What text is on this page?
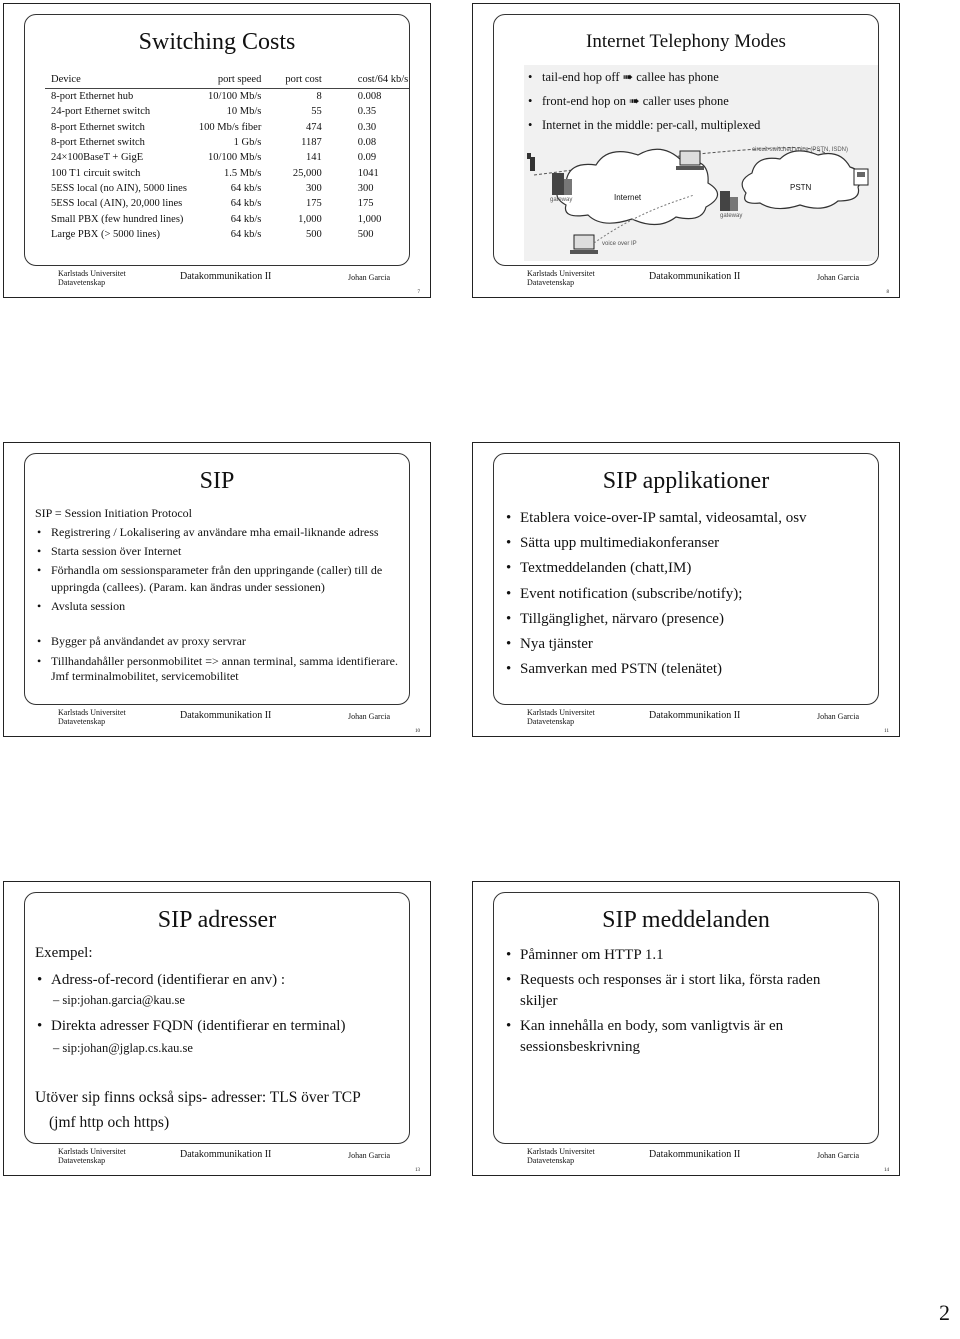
Switching Costs
Device	port speed	port cost	cost/64 kb/s
8-port Ethernet hub	10/100 Mb/s	8	0.008
24-port Ethernet switch	10 Mb/s	55	0.35
8-port Ethernet switch	100 Mb/s fiber	474	0.30
8-port Ethernet switch	1 Gb/s	1187	0.08
24×100BaseT + GigE	10/100 Mb/s	141	0.09
100 T1 circuit switch	1.5 Mb/s	25,000	1041
5ESS local (no AIN), 5000 lines	64 kb/s	300	300
5ESS local (AIN), 20,000 lines	64 kb/s	175	175
Small PBX (few hundred lines)	64 kb/s	1,000	1,000
Large PBX (> 5000 lines)	64 kb/s	500	500
Karlstads Universitet
Datavetenskap
Datakommunikation II	Johan Garcia
7
Internet Telephony Modes
• tail-end hop off ➠ callee has phone
• front-end hop on ➠ caller uses phone
• Internet in the middle: per-call, multiplexed
circuit-switched voice (PSTN, ISDN)
Internet
PSTN
gateway
gateway
voice over IP
Karlstads Universitet
Datavetenskap
Datakommunikation II	Johan Garcia
8
SIP
SIP = Session Initiation Protocol
• Registrering / Lokalisering av användare mha email-liknande adress
• Starta session över Internet
• Förhandla om sessionsparameter från den uppringande (caller) till de uppringda (callees). (Param. kan ändras under sessionen)
• Avsluta session
• Bygger på användandet av proxy servrar
• Tillhandahåller personmobilitet => annan terminal, samma identifierare. Jmf terminalmobilitet, servicemobilitet
Karlstads Universitet
Datavetenskap
Datakommunikation II	Johan Garcia
10
SIP applikationer
• Etablera voice-over-IP samtal, videosamtal, osv
• Sätta upp multimediakonferanser
• Textmeddelanden (chatt,IM)
• Event notification (subscribe/notify);
• Tillgänglighet, närvaro (presence)
• Nya tjänster
• Samverkan med PSTN (telenätet)
Karlstads Universitet
Datavetenskap
Datakommunikation II	Johan Garcia
11
SIP adresser
Exempel:
• Adress-of-record (identifierar en anv) :
– sip:johan.garcia@kau.se
• Direkta adresser FQDN (identifierar en terminal)
– sip:johan@jglap.cs.kau.se
Utöver sip finns också sips- adresser: TLS över TCP
(jmf http och https)
Karlstads Universitet
Datavetenskap
Datakommunikation II	Johan Garcia
13
SIP meddelanden
• Påminner om HTTP 1.1
• Requests och responses är i stort lika, första raden skiljer
• Kan innehålla en body, som vanligtvis är en sessionsbeskrivning
Karlstads Universitet
Datavetenskap
Datakommunikation II	Johan Garcia
14
2
